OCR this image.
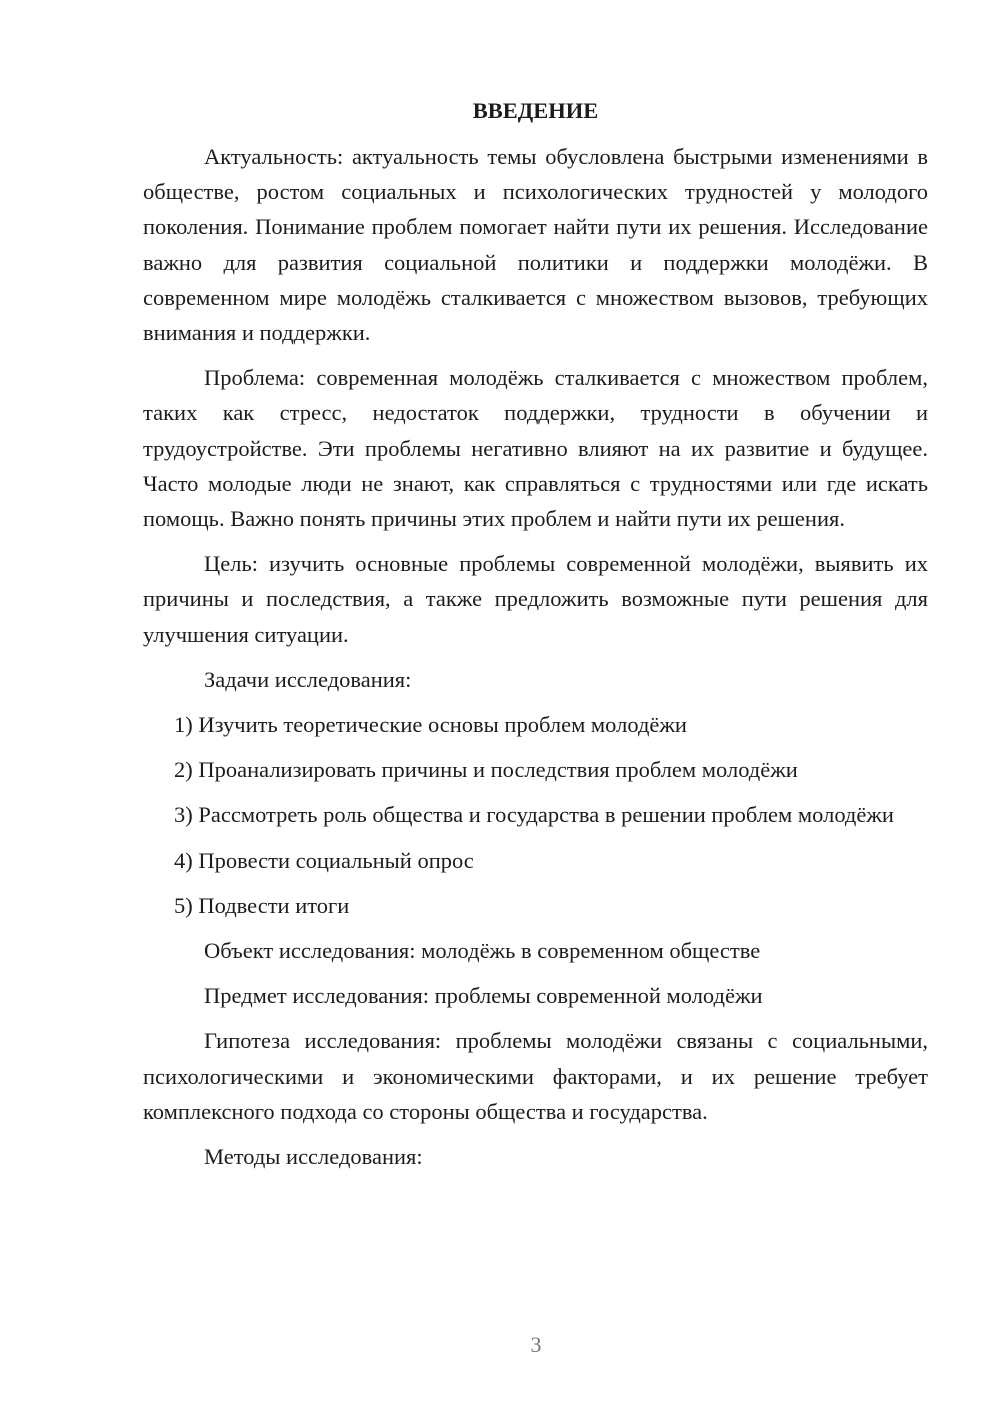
ВВЕДЕНИЕ

Актуальность: актуальность темы обусловлена быстрыми изменениями в обществе, ростом социальных и психологических трудностей у молодого поколения. Понимание проблем помогает найти пути их решения. Исследование важно для развития социальной политики и поддержки молодёжи. В современном мире молодёжь сталкивается с множеством вызовов, требующих внимания и поддержки.

Проблема: современная молодёжь сталкивается с множеством проблем, таких как стресс, недостаток поддержки, трудности в обучении и трудоустройстве. Эти проблемы негативно влияют на их развитие и будущее. Часто молодые люди не знают, как справляться с трудностями или где искать помощь. Важно понять причины этих проблем и найти пути их решения.

Цель: изучить основные проблемы современной молодёжи, выявить их причины и последствия, а также предложить возможные пути решения для улучшения ситуации.

Задачи исследования:

1) Изучить теоретические основы проблем молодёжи

2) Проанализировать причины и последствия проблем молодёжи

3) Рассмотреть роль общества и государства в решении проблем молодёжи

4) Провести социальный опрос

5) Подвести итоги

Объект исследования: молодёжь в современном обществе

Предмет исследования: проблемы современной молодёжи

Гипотеза исследования: проблемы молодёжи связаны с социальными, психологическими и экономическими факторами, и их решение требует комплексного подхода со стороны общества и государства.

Методы исследования:

3
